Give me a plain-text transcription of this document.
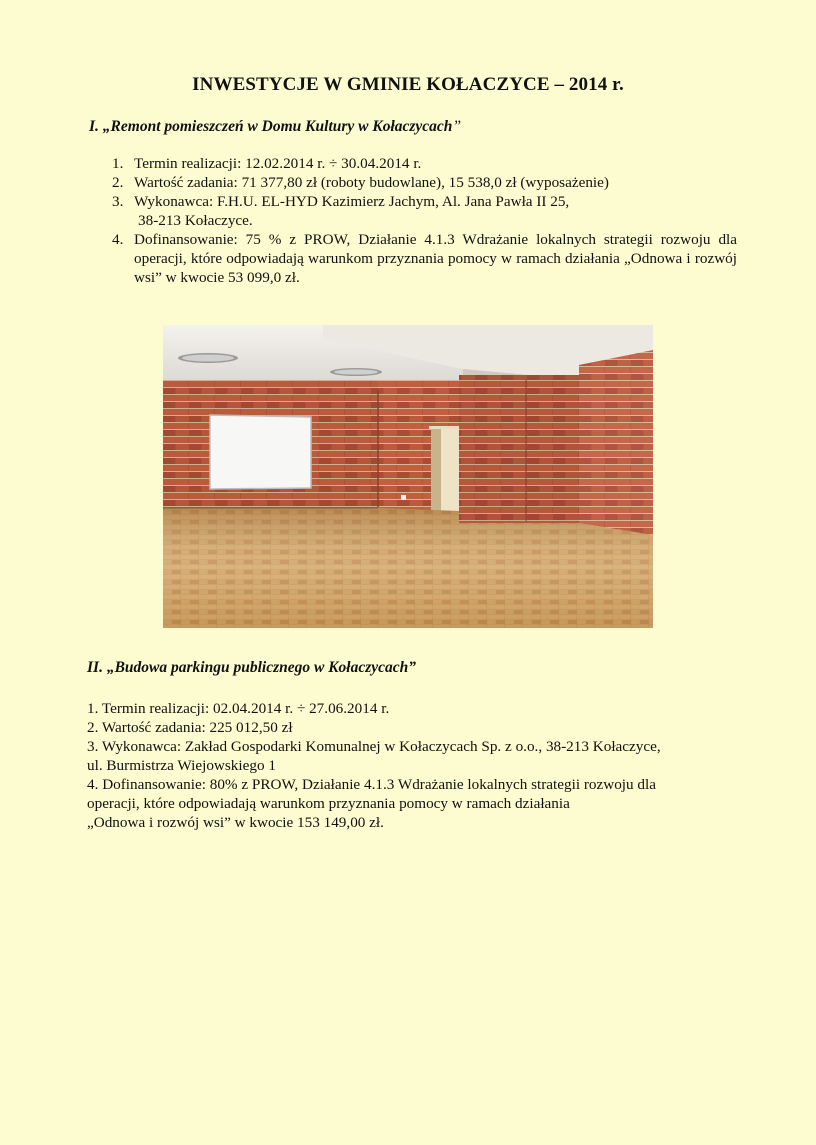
INWESTYCJE W GMINIE KOŁACZYCE – 2014 r.
I. „Remont pomieszczeń w Domu Kultury w Kołaczycach”
1. Termin realizacji: 12.02.2014 r. ÷ 30.04.2014 r.
2. Wartość zadania: 71 377,80 zł (roboty budowlane), 15 538,0 zł (wyposażenie)
3. Wykonawca: F.H.U. EL-HYD Kazimierz Jachym, Al. Jana Pawła II 25,
38-213 Kołaczyce.
4. Dofinansowanie: 75 % z PROW, Działanie 4.1.3 Wdrażanie lokalnych strategii rozwoju dla operacji, które odpowiadają warunkom przyznania pomocy w ramach działania „Odnowa i rozwój wsi” w kwocie 53 099,0 zł.
II. „Budowa parkingu publicznego w Kołaczycach”
1. Termin realizacji: 02.04.2014 r. ÷ 27.06.2014 r.
2. Wartość zadania: 225 012,50 zł
3. Wykonawca: Zakład Gospodarki Komunalnej w Kołaczycach Sp. z o.o., 38-213 Kołaczyce,
ul. Burmistrza Wiejowskiego 1
4. Dofinansowanie: 80% z PROW, Działanie 4.1.3 Wdrażanie lokalnych strategii rozwoju dla
operacji, które odpowiadają warunkom przyznania pomocy w ramach działania
„Odnowa i rozwój wsi” w kwocie 153 149,00 zł.
